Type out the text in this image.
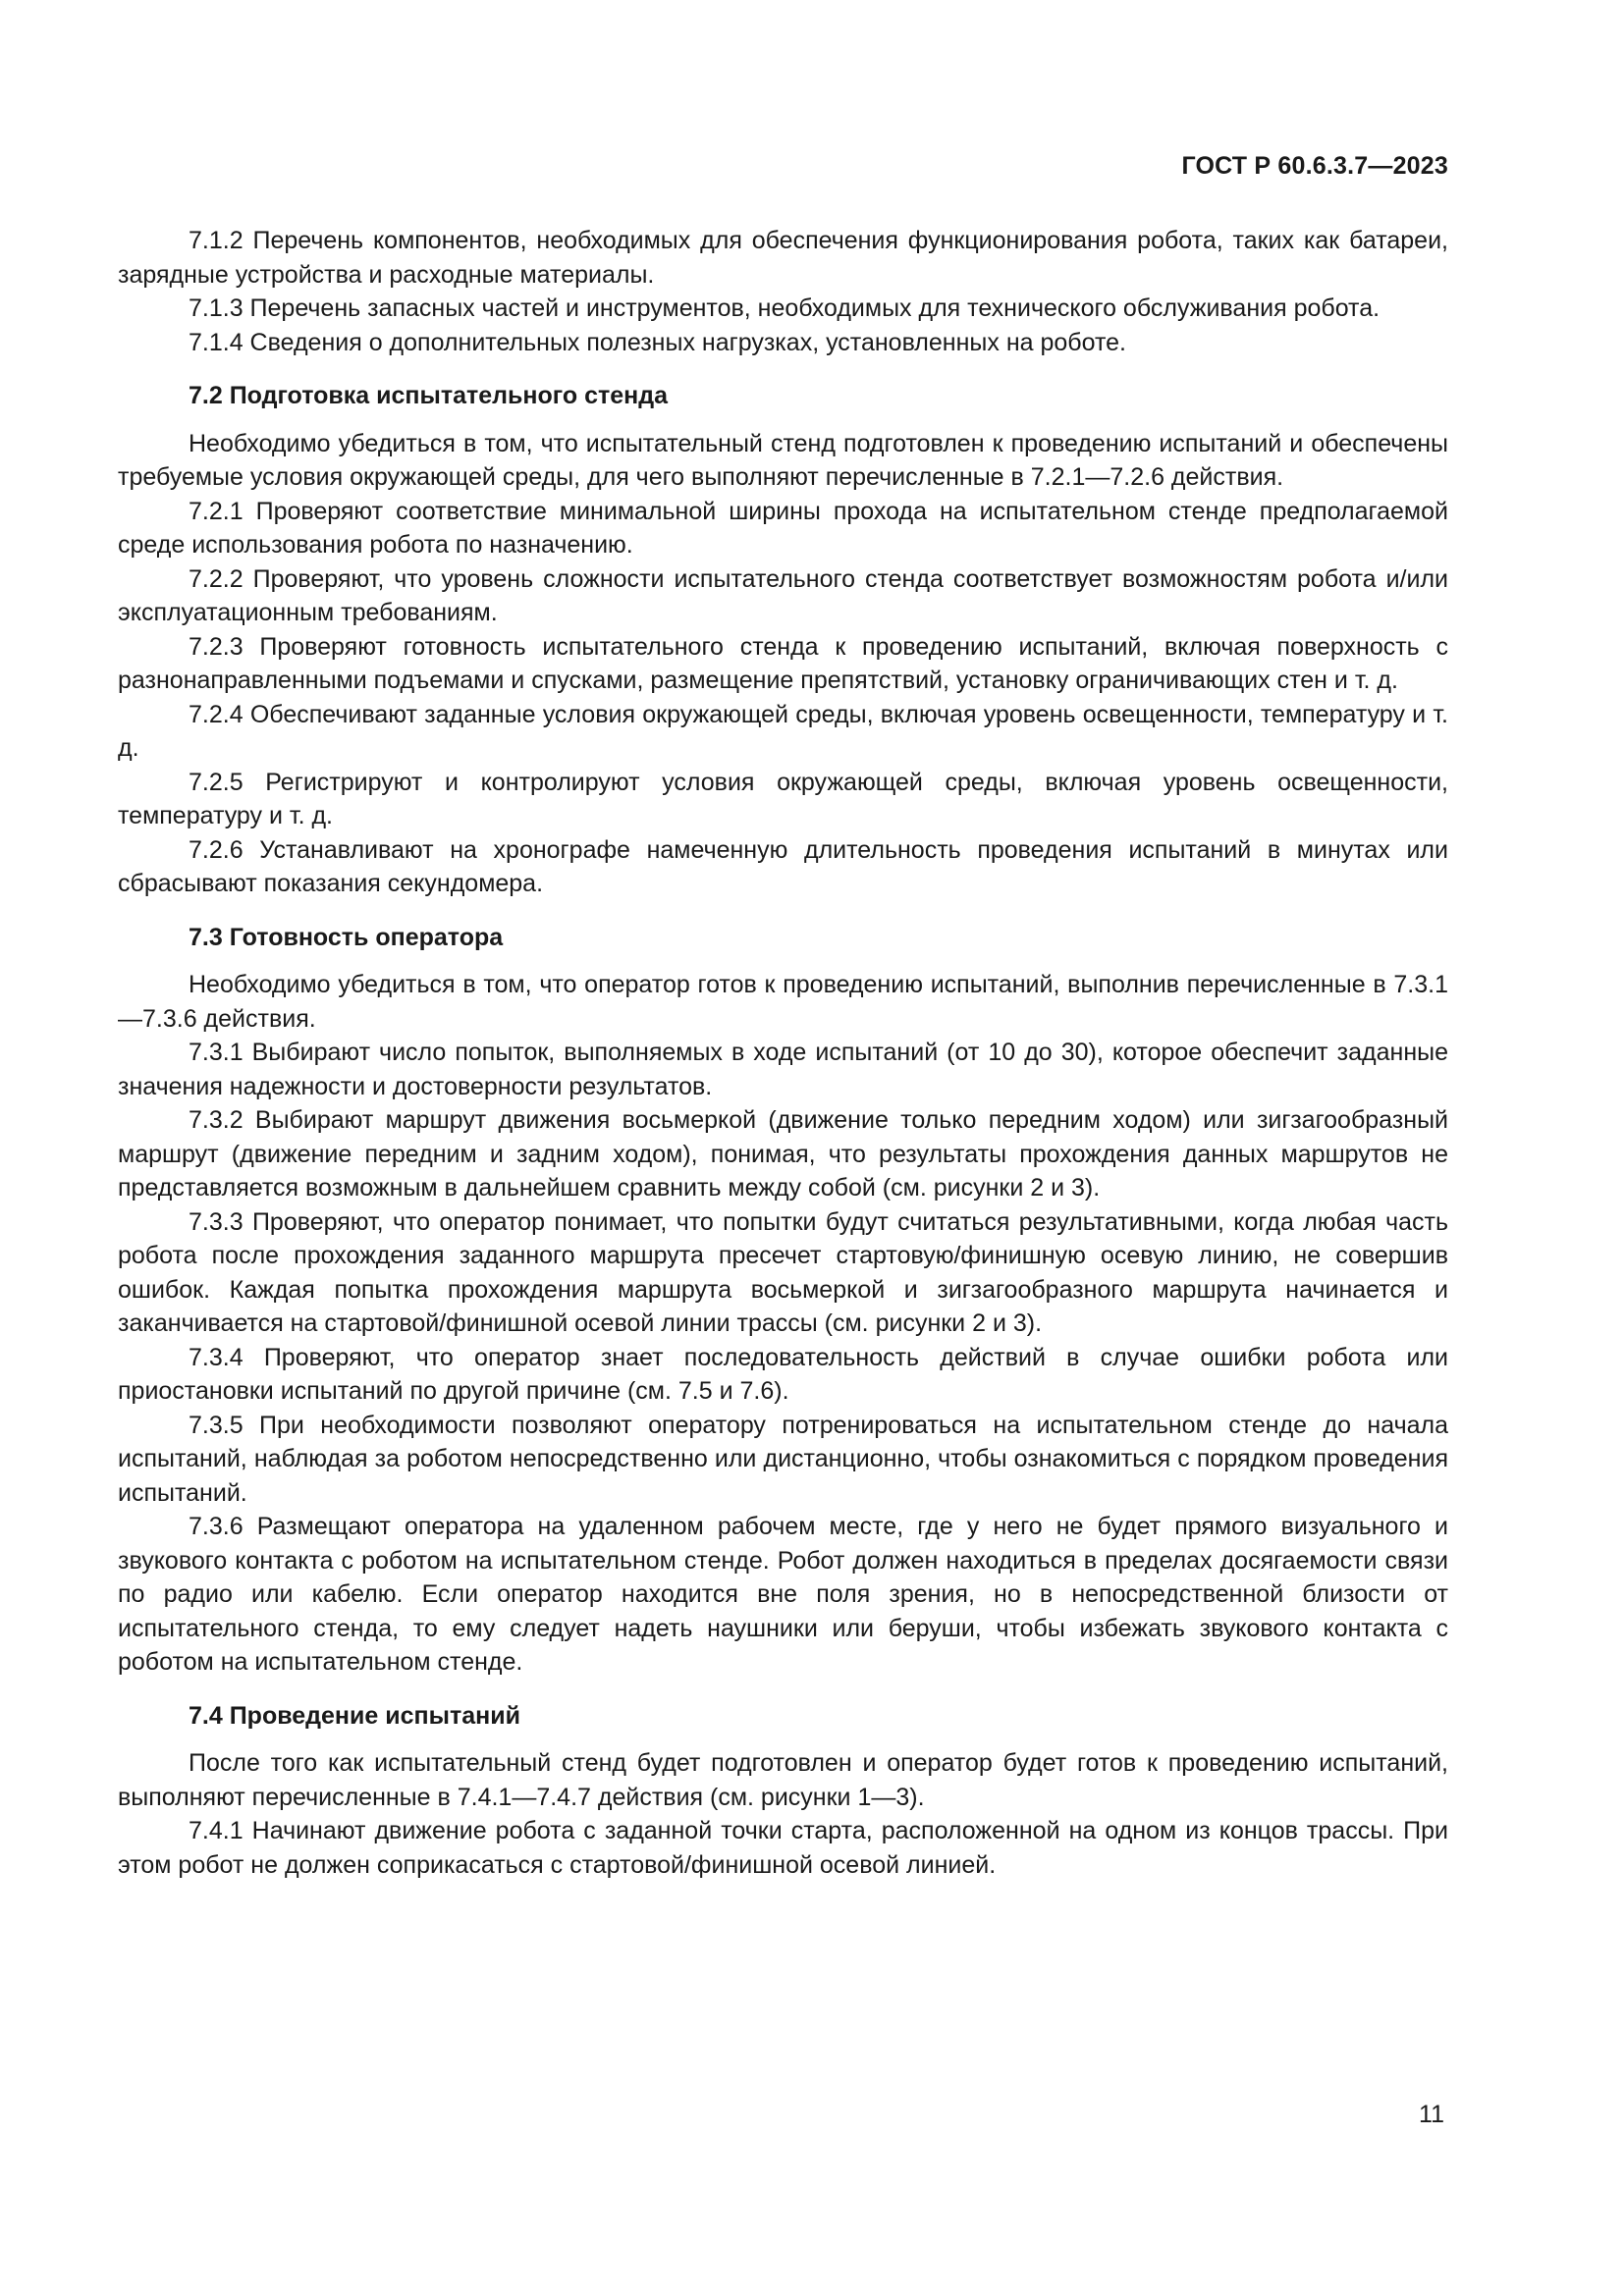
ГОСТ Р 60.6.3.7—2023

7.1.2 Перечень компонентов, необходимых для обеспечения функционирования робота, таких как батареи, зарядные устройства и расходные материалы.

7.1.3 Перечень запасных частей и инструментов, необходимых для технического обслуживания робота.

7.1.4 Сведения о дополнительных полезных нагрузках, установленных на роботе.

7.2 Подготовка испытательного стенда

Необходимо убедиться в том, что испытательный стенд подготовлен к проведению испытаний и обеспечены требуемые условия окружающей среды, для чего выполняют перечисленные в 7.2.1—7.2.6 действия.

7.2.1 Проверяют соответствие минимальной ширины прохода на испытательном стенде предполагаемой среде использования робота по назначению.

7.2.2 Проверяют, что уровень сложности испытательного стенда соответствует возможностям робота и/или эксплуатационным требованиям.

7.2.3 Проверяют готовность испытательного стенда к проведению испытаний, включая поверхность с разнонаправленными подъемами и спусками, размещение препятствий, установку ограничивающих стен и т. д.

7.2.4 Обеспечивают заданные условия окружающей среды, включая уровень освещенности, температуру и т. д.

7.2.5 Регистрируют и контролируют условия окружающей среды, включая уровень освещенности, температуру и т. д.

7.2.6 Устанавливают на хронографе намеченную длительность проведения испытаний в минутах или сбрасывают показания секундомера.

7.3 Готовность оператора

Необходимо убедиться в том, что оператор готов к проведению испытаний, выполнив перечисленные в 7.3.1—7.3.6 действия.

7.3.1 Выбирают число попыток, выполняемых в ходе испытаний (от 10 до 30), которое обеспечит заданные значения надежности и достоверности результатов.

7.3.2 Выбирают маршрут движения восьмеркой (движение только передним ходом) или зигзагообразный маршрут (движение передним и задним ходом), понимая, что результаты прохождения данных маршрутов не представляется возможным в дальнейшем сравнить между собой (см. рисунки 2 и 3).

7.3.3 Проверяют, что оператор понимает, что попытки будут считаться результативными, когда любая часть робота после прохождения заданного маршрута пресечет стартовую/финишную осевую линию, не совершив ошибок. Каждая попытка прохождения маршрута восьмеркой и зигзагообразного маршрута начинается и заканчивается на стартовой/финишной осевой линии трассы (см. рисунки 2 и 3).

7.3.4 Проверяют, что оператор знает последовательность действий в случае ошибки робота или приостановки испытаний по другой причине (см. 7.5 и 7.6).

7.3.5 При необходимости позволяют оператору потренироваться на испытательном стенде до начала испытаний, наблюдая за роботом непосредственно или дистанционно, чтобы ознакомиться с порядком проведения испытаний.

7.3.6 Размещают оператора на удаленном рабочем месте, где у него не будет прямого визуального и звукового контакта с роботом на испытательном стенде. Робот должен находиться в пределах досягаемости связи по радио или кабелю. Если оператор находится вне поля зрения, но в непосредственной близости от испытательного стенда, то ему следует надеть наушники или беруши, чтобы избежать звукового контакта с роботом на испытательном стенде.

7.4 Проведение испытаний

После того как испытательный стенд будет подготовлен и оператор будет готов к проведению испытаний, выполняют перечисленные в 7.4.1—7.4.7 действия (см. рисунки 1—3).

7.4.1 Начинают движение робота с заданной точки старта, расположенной на одном из концов трассы. При этом робот не должен соприкасаться с стартовой/финишной осевой линией.

11
